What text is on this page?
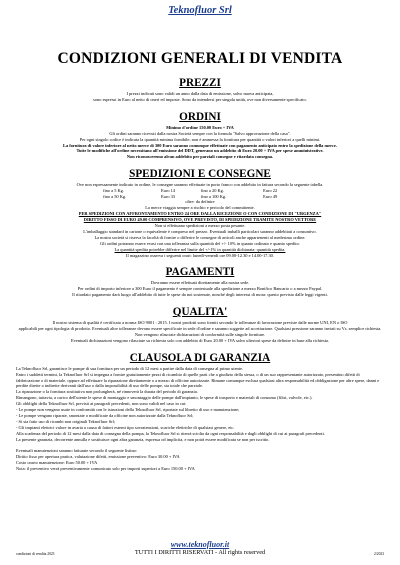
Teknofluor Srl
CONDIZIONI GENERALI DI VENDITA
PREZZI

I prezzi indicati sono validi un anno dalla data di emissione, salvo nuova anticipata,

sono espressi in Euro al netto di oneri ed imposte. Sono da intendersi per singola unità, ove non diversamente specificato.

ORDINI

Minimo d'ordine 150.00 Euro + IVA

Gli ordini saranno ricevuti dalla nostra Società sempre con la formula "Salvo approvazione della casa".

Per ogni singolo codice è indicata la quantità minima fornibile; non è ammessa la fornitura per quantità o valori inferiori a quelli minimi.

La fornitura di valore inferiore al netto merce di 300 Euro saranno comunque effettuate con pagamento anticipato entro la spedizione della merce.

Tutte le modifiche all'ordine necessitano all'emissione del DDT, generano un addebito di Euro 20.00 + IVA per spese amministrative.

Non riconosceremo alcun addebito per parziali consegne e ritardata consegna.

SPEDIZIONI E CONSEGNE

Ove non espressamente indicato in ordine, le consegne saranno effettuate in porto franco con addebito in fattura secondo la seguente tabella.

fino a 5 Kg.	Euro 14	fino a 20 Kg.	Euro 22
fino a 50 Kg.	Euro 33	fino a 100 Kg.	Euro 49

oltre: da definire

La merce viaggia sempre a rischio e pericolo del committente.

PER SPEDIZIONI CON AFFRONTAMENTO ENTRO 24 ORE DALLA RICEZIONE O CON CONDIZIONE DI "URGENZA"

DIRITTO FISSO DI EURO 49.00 COMPRENSIVO, OVE PREVISTO, DI SPEDIZIONE TRAMITE NOSTRO VETTORE

Non si effettuano spedizioni a mezzo posta pesante.

L'imballaggio standard in cartone o equivalente è compreso nel prezzo. Eventuali imballi particolari saranno addebitati a consuntivo.

La nostra società si riserva la facoltà di fornire o differire le consegne di articoli anche appartenenti al medesimo ordine.

Gli ordini potranno essere evasi con una tolleranza sulla quantità del +/- 10% in quanto ordinato e quanto spedito.

La quantità spedita potrebbe differire nel limite del +/-1% in quantità dichiarata: quantità spedita.

Il magazzino osserva i seguenti orari: lunedì-venerdì ore 09.00-12.30 e 14.00-17.30.

PAGAMENTI

Dovranno essere effettuati direttamente alla nostra sede.

Per ordini di importo inferiore a 300 Euro il pagamento è sempre contestuale alla spedizione a mezzo Bonifico Bancario o a mezzo Paypal.

Il ritardato pagamento darà luogo all'addebito di tutte le spese da noi sostenute, nonché degli interessi di mora: questo previsto dalle leggi vigenti.

QUALITA'

Il nostro sistema di qualità è certificato a norma ISO 9001 : 2015. I nostri prodotti sono forniti secondo le tolleranze di lavorazione previste dalle norme UNI, EN o ISO

applicabili per ogni tipologia di prodotto. Eventuali altre tolleranze devono essere specificate in sede d'ordine e saranno soggette ad accettazione. Qualsiasi pressione saranno inviati su Vs. semplice richiesta.

Non vengono rilasciate dichiarazioni di conformità sulle singole forniture.

Eventuali dichiarazioni vengono rilasciate su richiesta solo con addebito di Euro 20.00 + IVA salvo ulteriori spese da definire in base alla richiesta.

CLAUSOLA DI GARANZIA

La Teknofluor Srl, garantisce le pompe di sua fornitura per un periodo di 12 mesi a partire dalla data di consegna al primo utente.

Entro i suddetti termini, la Teknofluor Srl si impegna a fornire gratuitamente pezzi di ricambio di quelle parti che a giudizio della stessa, o di un suo rappresentante autorizzato, presentino difetti di fabbricazione o di materiale, oppure ad effettuare la riparazione direttamente o a mezzo di officine autorizzate. Rimane comunque esclusa qualsiasi altra responsabilità ed obbligazione per altre spese, danni e perdite dirette o indirette derivanti dall'uso o dalla impossibilità di uso delle pompe, sia totale che parziale.

La riparazione o la fornitura sostitutiva non prolungherà, né rinnoverà la durata del periodo di garanzia.

Rimangono, tuttavia, a carico dell'utente le spese di montaggio e smontaggio delle pompe dall'impianto, le spese di trasporto e materiali di consumo (filtri, valvole, etc.).

Gli obblighi della Teknofluor Srl, previsti ai paragrafi precedenti, non sono validi nel caso in cui:

- Le pompe non vengano usate in conformità con le istruzioni della Teknofluor Srl, riportate sul libretto di uso e manutenzione;

- Le pompe vengano riparate, smontate o modificate da officine non autorizzate dalla Teknofluor Srl;

- Si sia fatto uso di ricambi non originali Teknofluor Srl;

- Gli impianti elettrici valore in avaria a causa di fattori esterni tipo sovratensioni, scariche elettriche di qualsiasi genere, etc.

Alla scadenza del periodo di 12 mesi dalla data di consegna della pompa, la Teknofluor Srl si riterrà sciolta da ogni responsabilità e dagli obblighi di cui ai paragrafi precedenti.

La presente garanzia, decorrente annulla e sostituisce ogni altra garanzia, espressa od implicita, e non potrà essere modificata se non per iscritto.

Eventuali manutenzioni saranno fatturate secondo il seguente listino:

Diritto fisso per apertura pratica, valutazione difetti, emissione preventivo: Euro 30.00 + IVA

Costo orario manutenzione: Euro 50.00 + IVA

Nota: il preventivo verrà preventivamente comunicato solo per importi superiori a Euro 150.00 + IVA

www.teknofluor.it
TUTTI I DIRITTI RISERVATI - All rights reserved
condizioni di vendita 2023	2/2023
